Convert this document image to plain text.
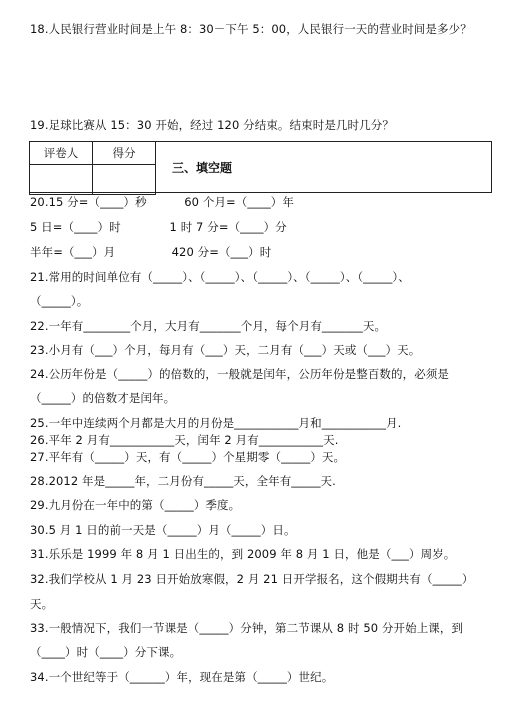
18.人民银行营业时间是上午 8：30－下午 5：00，人民银行一天的营业时间是多少？
19.足球比赛从 15：30 开始，经过 120 分结束。结束时是几时几分？
评卷人	得分

三、填空题
20.15 分=（____）秒          60 个月=（____）年
5 日=（____）时             1 时 7 分=（____）分
半年=（___）月               420 分=（___）时
21.常用的时间单位有（_____）、（_____）、（_____）、（_____）、（_____）、
（_____）。
22.一年有________个月，大月有_______个月，每个月有_______天。
23.小月有（___）个月，每月有（___）天，二月有（___）天或（___）天。
24.公历年份是（_____）的倍数的，一般就是闰年，公历年份是整百数的，必须是
（_____）的倍数才是闰年。
25.一年中连续两个月都是大月的月份是___________月和___________月.
26.平年 2 月有___________天，闰年 2 月有___________天.
27.平年有（_____）天，有（_____）个星期零（_____）天。
28.2012 年是_____年，二月份有_____天，全年有_____天.
29.九月份在一年中的第（_____）季度。
30.5 月 1 日的前一天是（_____）月（_____）日。
31.乐乐是 1999 年 8 月 1 日出生的，到 2009 年 8 月 1 日，他是（___）周岁。
32.我们学校从 1 月 23 日开始放寒假，2 月 21 日开学报名，这个假期共有（_____）
天。
33.一般情况下，我们一节课是（_____）分钟，第二节课从 8 时 50 分开始上课，到
（____）时（____）分下课。
34.一个世纪等于（______）年，现在是第（_____）世纪。
